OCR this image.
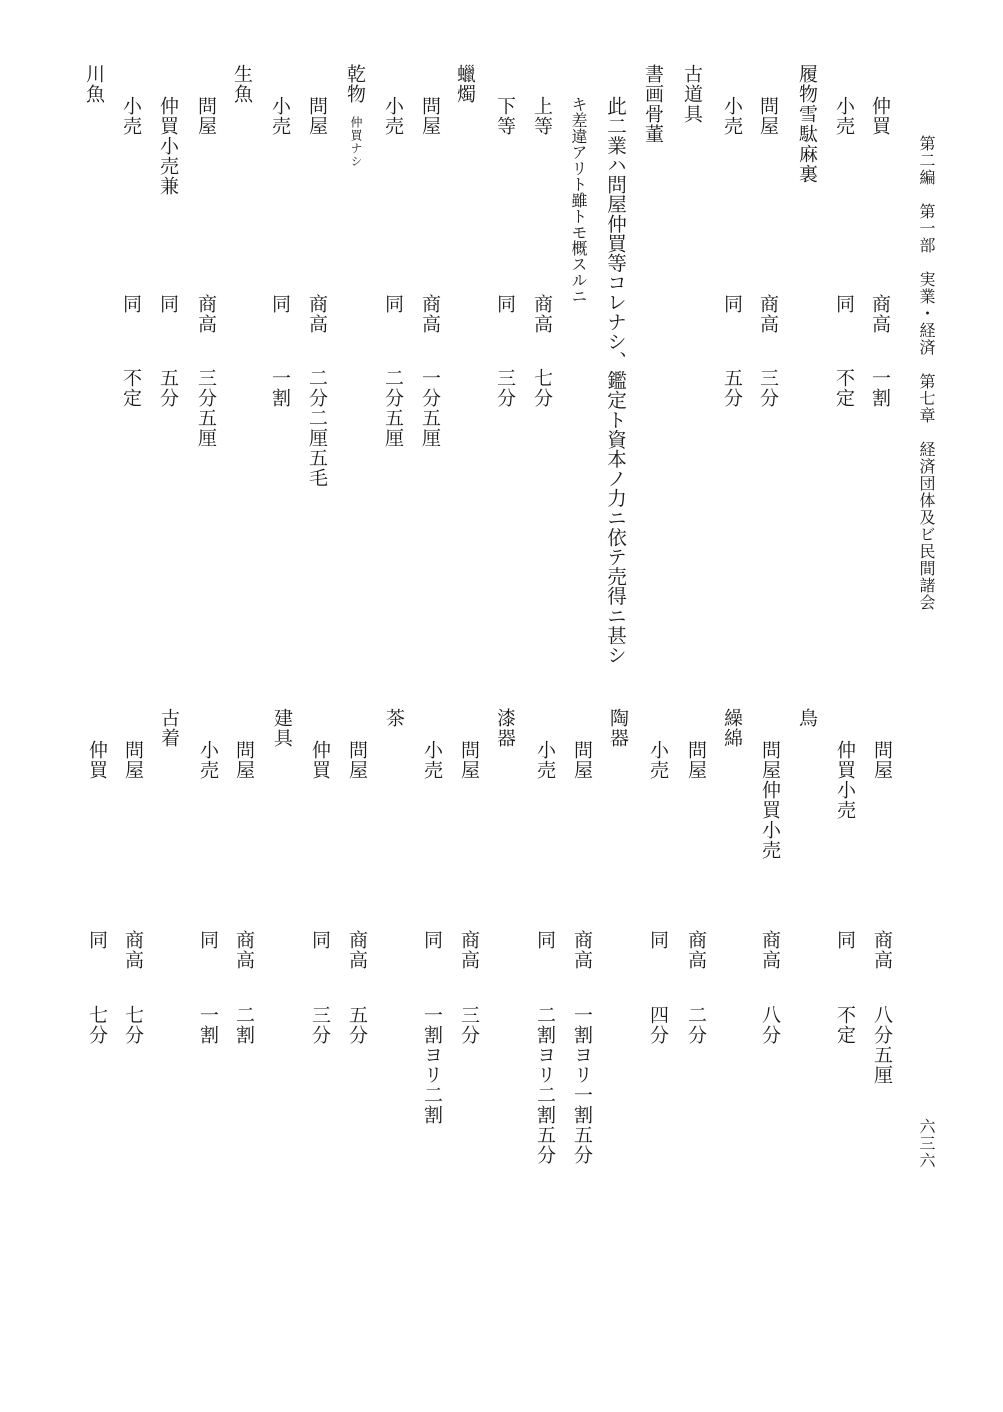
第二編　第一部　実業・経済　第七章　経済団体及ビ民間諸会
六三六
仲買
商高
一割
小売
同
不定
履物雪駄麻裏
問屋
商高
三分
小売
同
五分
古道具
書画骨董
此二業ハ問屋仲買等コレナシ、鑑定ト資本ノ力ニ依テ売得ニ甚シ
キ差違アリト雖トモ概スルニ
上等
商高
七分
下等
同
三分
蠟燭
問屋
商高
一分五厘
小売
同
二分五厘
乾物
仲買ナシ
問屋
商高
二分二厘五毛
小売
同
一割
生魚
問屋
商高
三分五厘
仲買小売兼
同
五分
小売
同
不定
川魚
問屋
商高
八分五厘
仲買小売
同
不定
鳥
問屋仲買小売
商高
八分
繰綿
問屋
商高
二分
小売
同
四分
陶器
問屋
商高
一割ヨリ一割五分
小売
同
二割ヨリ二割五分
漆器
問屋
商高
三分
小売
同
一割ヨリ二割
茶
問屋
商高
五分
仲買
同
三分
建具
問屋
商高
二割
小売
同
一割
古着
問屋
商高
七分
仲買
同
七分
